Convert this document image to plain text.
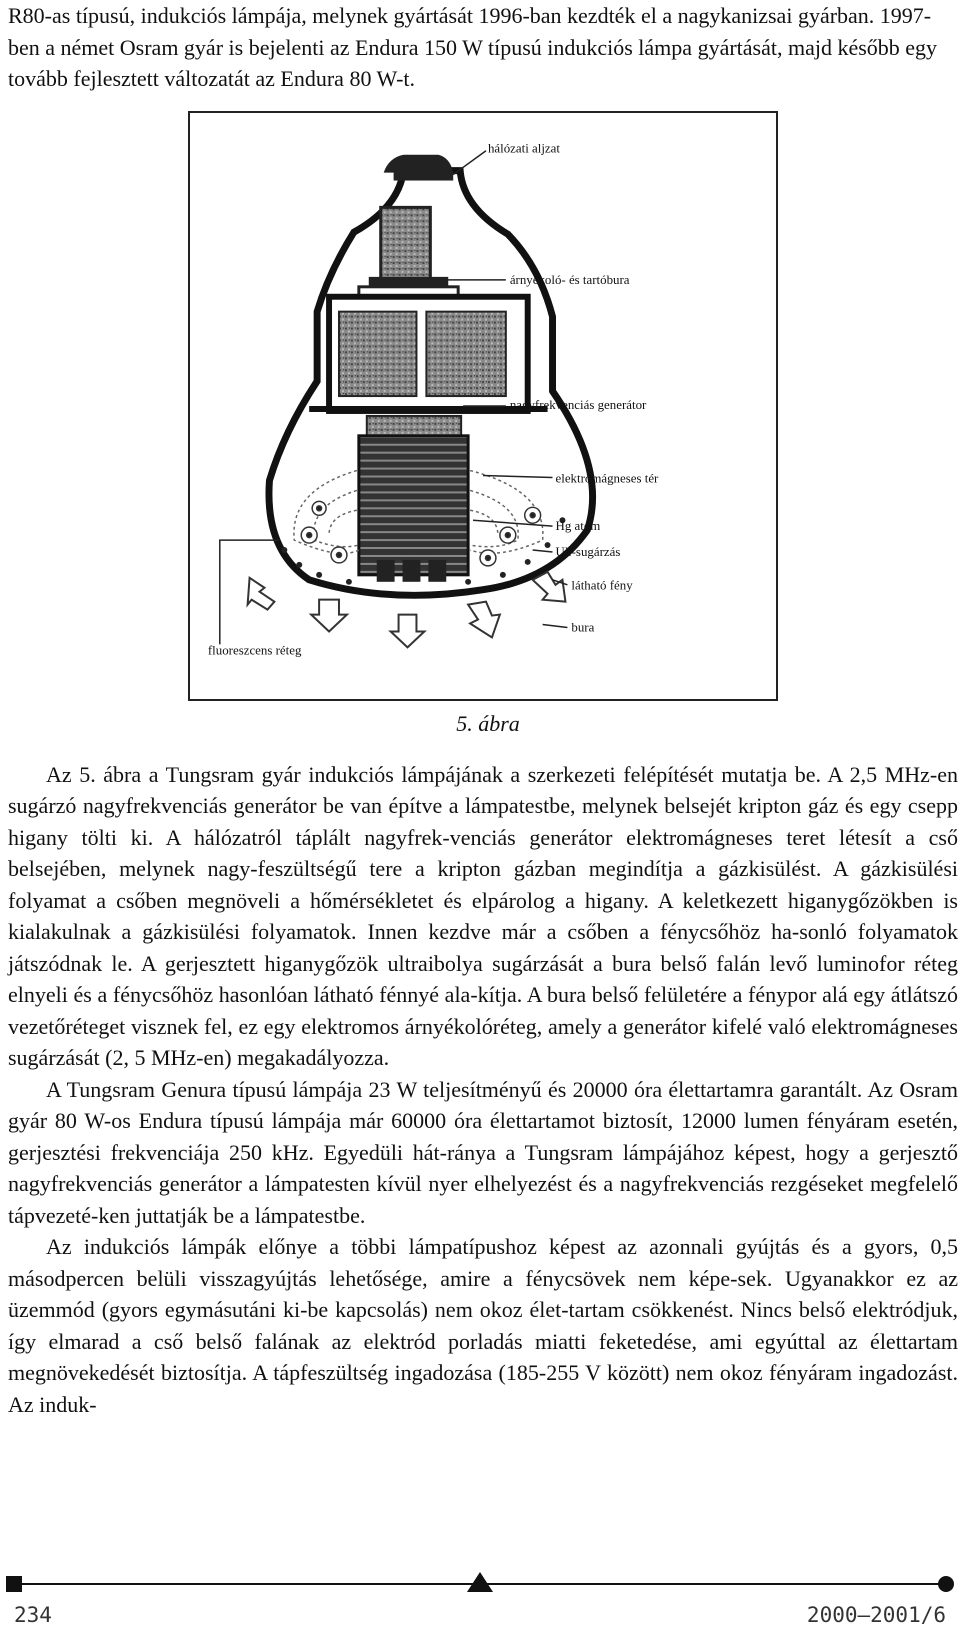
R80-as típusú, indukciós lámpája, melynek gyártását 1996-ban kezdték el a nagykanizsai gyárban. 1997-ben a német Osram gyár is bejelenti az Endura 150 W típusú indukciós lámpa gyártását, majd később egy tovább fejlesztett változatát az Endura 80 W-t.

hálózati aljzat
árnyékoló- és tartóbura
nagyfrekvenciás generátor
elektromágneses tér
Hg atom
Ul.-sugárzás
látható fény
bura
fluoreszcens réteg
5. ábra

Az 5. ábra a Tungsram gyár indukciós lámpájának a szerkezeti felépítését mutatja be. A 2,5 MHz-en sugárzó nagyfrekvenciás generátor be van építve a lámpatestbe, melynek belsejét kripton gáz és egy csepp higany tölti ki. A hálózatról táplált nagyfrek-venciás generátor elektromágneses teret létesít a cső belsejében, melynek nagy-feszültségű tere a kripton gázban megindítja a gázkisülést. A gázkisülési folyamat a csőben megnöveli a hőmérsékletet és elpárolog a higany. A keletkezett higanygőzökben is kialakulnak a gázkisülési folyamatok. Innen kezdve már a csőben a fénycsőhöz ha-sonló folyamatok játszódnak le. A gerjesztett higanygőzök ultraibolya sugárzását a bura belső falán levő luminofor réteg elnyeli és a fénycsőhöz hasonlóan látható fénnyé ala-kítja. A bura belső felületére a fénypor alá egy átlátszó vezetőréteget visznek fel, ez egy elektromos árnyékolóréteg, amely a generátor kifelé való elektromágneses sugárzását (2, 5 MHz-en) megakadályozza.

A Tungsram Genura típusú lámpája 23 W teljesítményű és 20000 óra élettartamra garantált. Az Osram gyár 80 W-os Endura típusú lámpája már 60000 óra élettartamot biztosít, 12000 lumen fényáram esetén, gerjesztési frekvenciája 250 kHz. Egyedüli hát-ránya a Tungsram lámpájához képest, hogy a gerjesztő nagyfrekvenciás generátor a lámpatesten kívül nyer elhelyezést és a nagyfrekvenciás rezgéseket megfelelő tápvezeté-ken juttatják be a lámpatestbe.

Az indukciós lámpák előnye a többi lámpatípushoz képest az azonnali gyújtás és a gyors, 0,5 másodpercen belüli visszagyújtás lehetősége, amire a fénycsövek nem képe-sek. Ugyanakkor ez az üzemmód (gyors egymásutáni ki-be kapcsolás) nem okoz élet-tartam csökkenést. Nincs belső elektródjuk, így elmarad a cső belső falának az elektród porladás miatti feketedése, ami egyúttal az élettartam megnövekedését biztosítja. A tápfeszültség ingadozása (185-255 V között) nem okoz fényáram ingadozást. Az induk-

234	2000–2001/6
